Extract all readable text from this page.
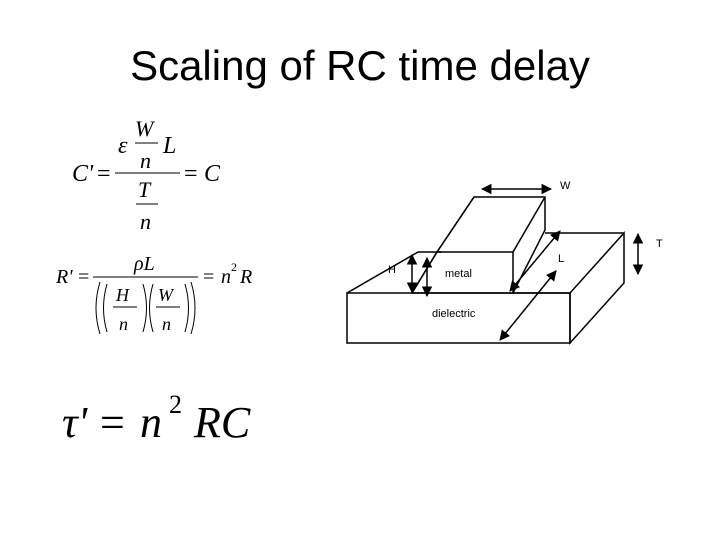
Scaling of RC time delay
C' =
ε
W
n
L
T
n
= C
R' =
ρL
H
n
W
n
= n 2 R
τ' = n 2 RC
W
T
H
L
metal
dielectric
